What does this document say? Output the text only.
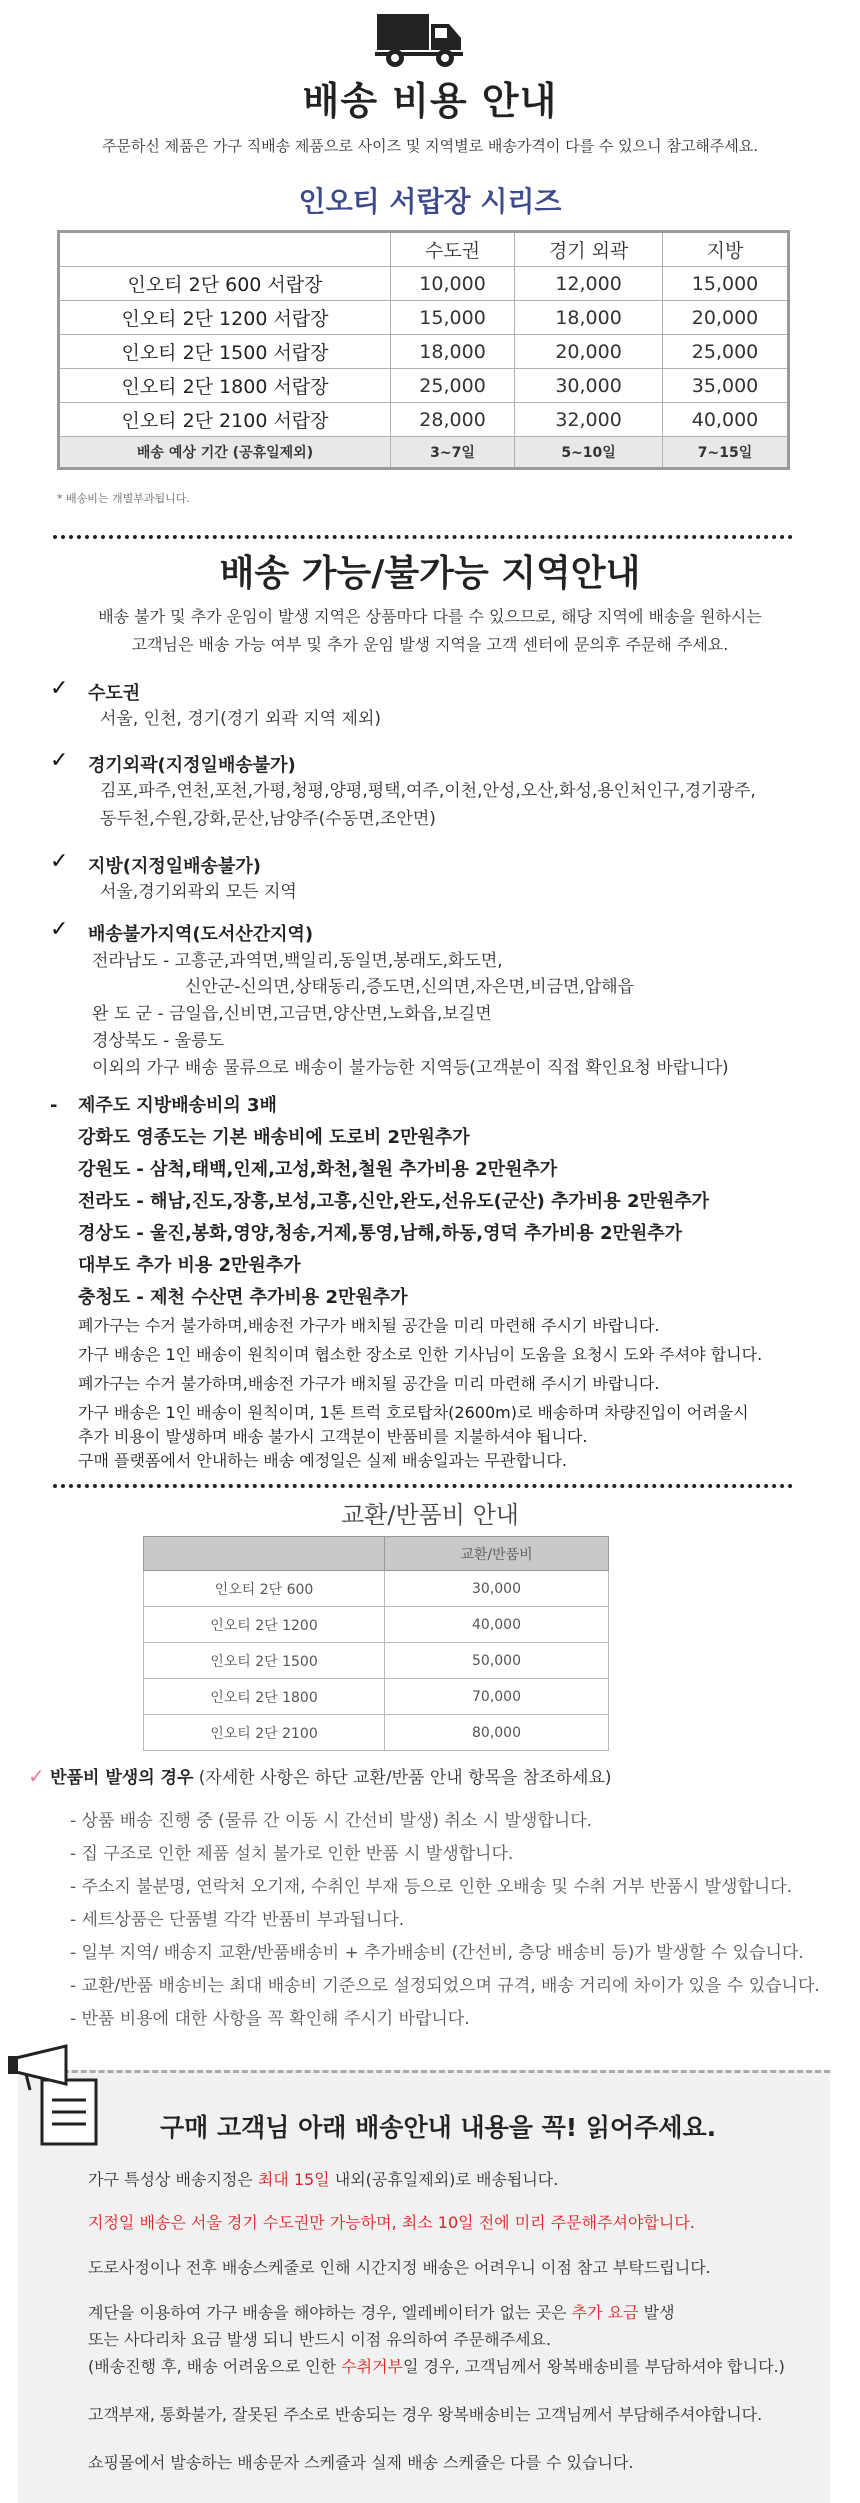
배송 비용 안내
주문하신 제품은 가구 직배송 제품으로 사이즈 및 지역별로 배송가격이 다를 수 있으니 참고해주세요.
인오티 서랍장 시리즈
	수도권	경기 외곽	지방
인오티 2단 600 서랍장	10,000	12,000	15,000
인오티 2단 1200 서랍장	15,000	18,000	20,000
인오티 2단 1500 서랍장	18,000	20,000	25,000
인오티 2단 1800 서랍장	25,000	30,000	35,000
인오티 2단 2100 서랍장	28,000	32,000	40,000
배송 예상 기간 (공휴일제외)	3~7일	5~10일	7~15일
* 배송비는 개별부과됩니다.
배송 가능/불가능 지역안내
배송 불가 및 추가 운임이 발생 지역은 상품마다 다를 수 있으므로, 해당 지역에 배송을 원하시는
고객님은 배송 가능 여부 및 추가 운임 발생 지역을 고객 센터에 문의후 주문해 주세요.
✓ 수도권
서울, 인천, 경기(경기 외곽 지역 제외)
✓ 경기외곽(지정일배송불가)
김포,파주,연천,포천,가평,청평,양평,평택,여주,이천,안성,오산,화성,용인처인구,경기광주,
동두천,수원,강화,문산,남양주(수동면,조안면)
✓ 지방(지정일배송불가)
서울,경기외곽외 모든 지역
✓ 배송불가지역(도서산간지역)
전라남도 - 고흥군,과역면,백일리,동일면,봉래도,화도면,
신안군-신의면,상태동리,증도면,신의면,자은면,비금면,압해읍
완 도 군 - 금일읍,신비면,고금면,양산면,노화읍,보길면
경상북도 - 울릉도
이외의 가구 배송 물류으로 배송이 불가능한 지역등(고객분이 직접 확인요청 바랍니다)
- 제주도 지방배송비의 3배
강화도 영종도는 기본 배송비에 도로비 2만원추가
강원도 - 삼척,태백,인제,고성,화천,철원 추가비용 2만원추가
전라도 - 해남,진도,장흥,보성,고흥,신안,완도,선유도(군산) 추가비용 2만원추가
경상도 - 울진,봉화,영양,청송,거제,통영,남해,하동,영덕 추가비용 2만원추가
대부도 추가 비용 2만원추가
충청도 - 제천 수산면 추가비용 2만원추가
폐가구는 수거 불가하며,배송전 가구가 배치될 공간을 미리 마련해 주시기 바랍니다.
가구 배송은 1인 배송이 원칙이며 협소한 장소로 인한 기사님이 도움을 요청시 도와 주셔야 합니다.
폐가구는 수거 불가하며,배송전 가구가 배치될 공간을 미리 마련해 주시기 바랍니다.
가구 배송은 1인 배송이 원칙이며, 1톤 트럭 호로탑차(2600m)로 배송하며 차량진입이 어려울시
추가 비용이 발생하며 배송 불가시 고객분이 반품비를 지불하셔야 됩니다.
구매 플랫폼에서 안내하는 배송 예정일은 실제 배송일과는 무관합니다.
교환/반품비 안내
	교환/반품비
인오티 2단 600	30,000
인오티 2단 1200	40,000
인오티 2단 1500	50,000
인오티 2단 1800	70,000
인오티 2단 2100	80,000
✓ 반품비 발생의 경우 (자세한 사항은 하단 교환/반품 안내 항목을 참조하세요)
- 상품 배송 진행 중 (물류 간 이동 시 간선비 발생) 취소 시 발생합니다.
- 집 구조로 인한 제품 설치 불가로 인한 반품 시 발생합니다.
- 주소지 불분명, 연락처 오기재, 수취인 부재 등으로 인한 오배송 및 수취 거부 반품시 발생합니다.
- 세트상품은 단품별 각각 반품비 부과됩니다.
- 일부 지역/ 배송지 교환/반품배송비 + 추가배송비 (간선비, 층당 배송비 등)가 발생할 수 있습니다.
- 교환/반품 배송비는 최대 배송비 기준으로 설정되었으며 규격, 배송 거리에 차이가 있을 수 있습니다.
- 반품 비용에 대한 사항을 꼭 확인해 주시기 바랍니다.
구매 고객님 아래 배송안내 내용을 꼭! 읽어주세요.
가구 특성상 배송지정은 최대 15일 내외(공휴일제외)로 배송됩니다.
지정일 배송은 서울 경기 수도권만 가능하며, 최소 10일 전에 미리 주문해주셔야합니다.
도로사정이나 전후 배송스케줄로 인해 시간지정 배송은 어려우니 이점 참고 부탁드립니다.
계단을 이용하여 가구 배송을 해야하는 경우, 엘레베이터가 없는 곳은 추가 요금 발생
또는 사다리차 요금 발생 되니 반드시 이점 유의하여 주문해주세요.
(배송진행 후, 배송 어려움으로 인한 수취거부일 경우, 고객님께서 왕복배송비를 부담하셔야 합니다.)
고객부재, 통화불가, 잘못된 주소로 반송되는 경우 왕복배송비는 고객님께서 부담해주셔야합니다.
쇼핑몰에서 발송하는 배송문자 스케쥴과 실제 배송 스케쥴은 다를 수 있습니다.
